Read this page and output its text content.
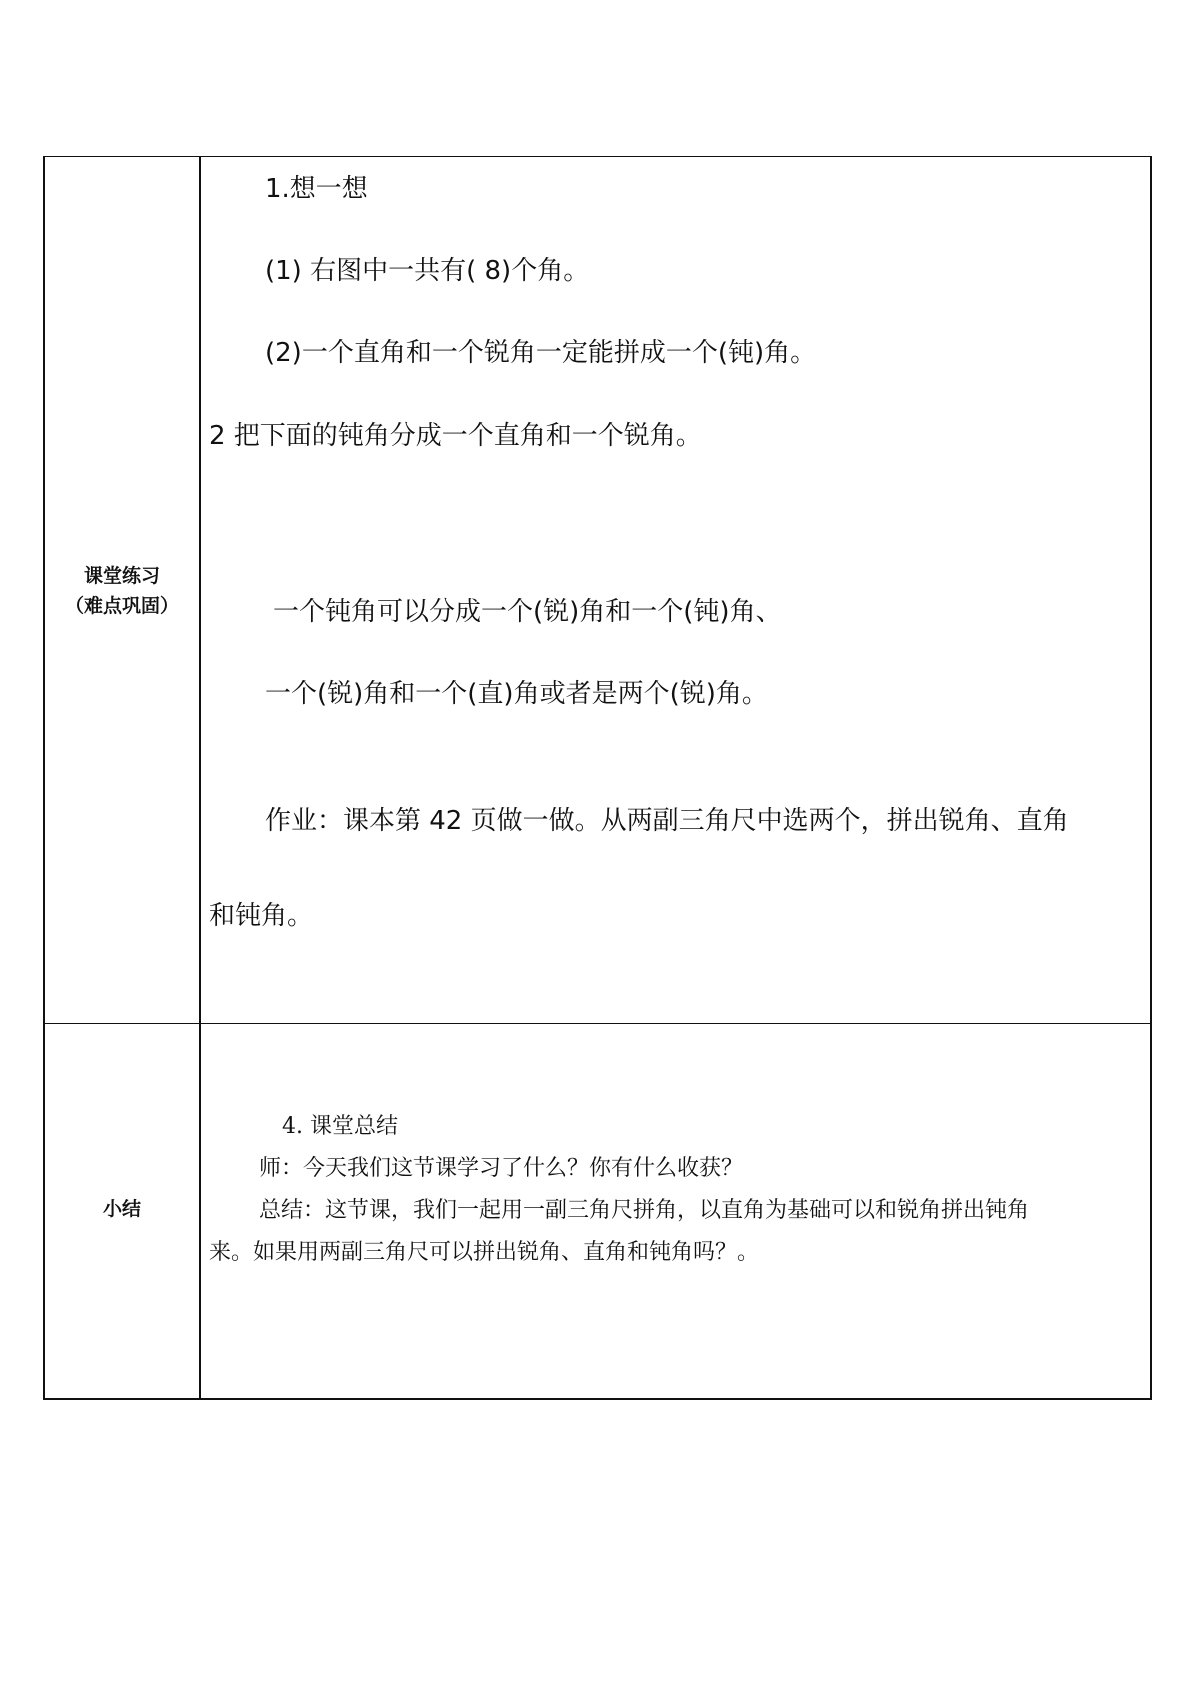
课堂练习
（难点巩固）
小结
1.想一想
(1) 右图中一共有( 8)个角。
(2)一个直角和一个锐角一定能拼成一个(钝)角。
2 把下面的钝角分成一个直角和一个锐角。
一个钝角可以分成一个(锐)角和一个(钝)角、
一个(锐)角和一个(直)角或者是两个(锐)角。
作业：课本第 42 页做一做。从两副三角尺中选两个，拼出锐角、直角
和钝角。
4. 课堂总结
师：今天我们这节课学习了什么？你有什么收获？
总结：这节课，我们一起用一副三角尺拼角，以直角为基础可以和锐角拼出钝角
来。如果用两副三角尺可以拼出锐角、直角和钝角吗？。
